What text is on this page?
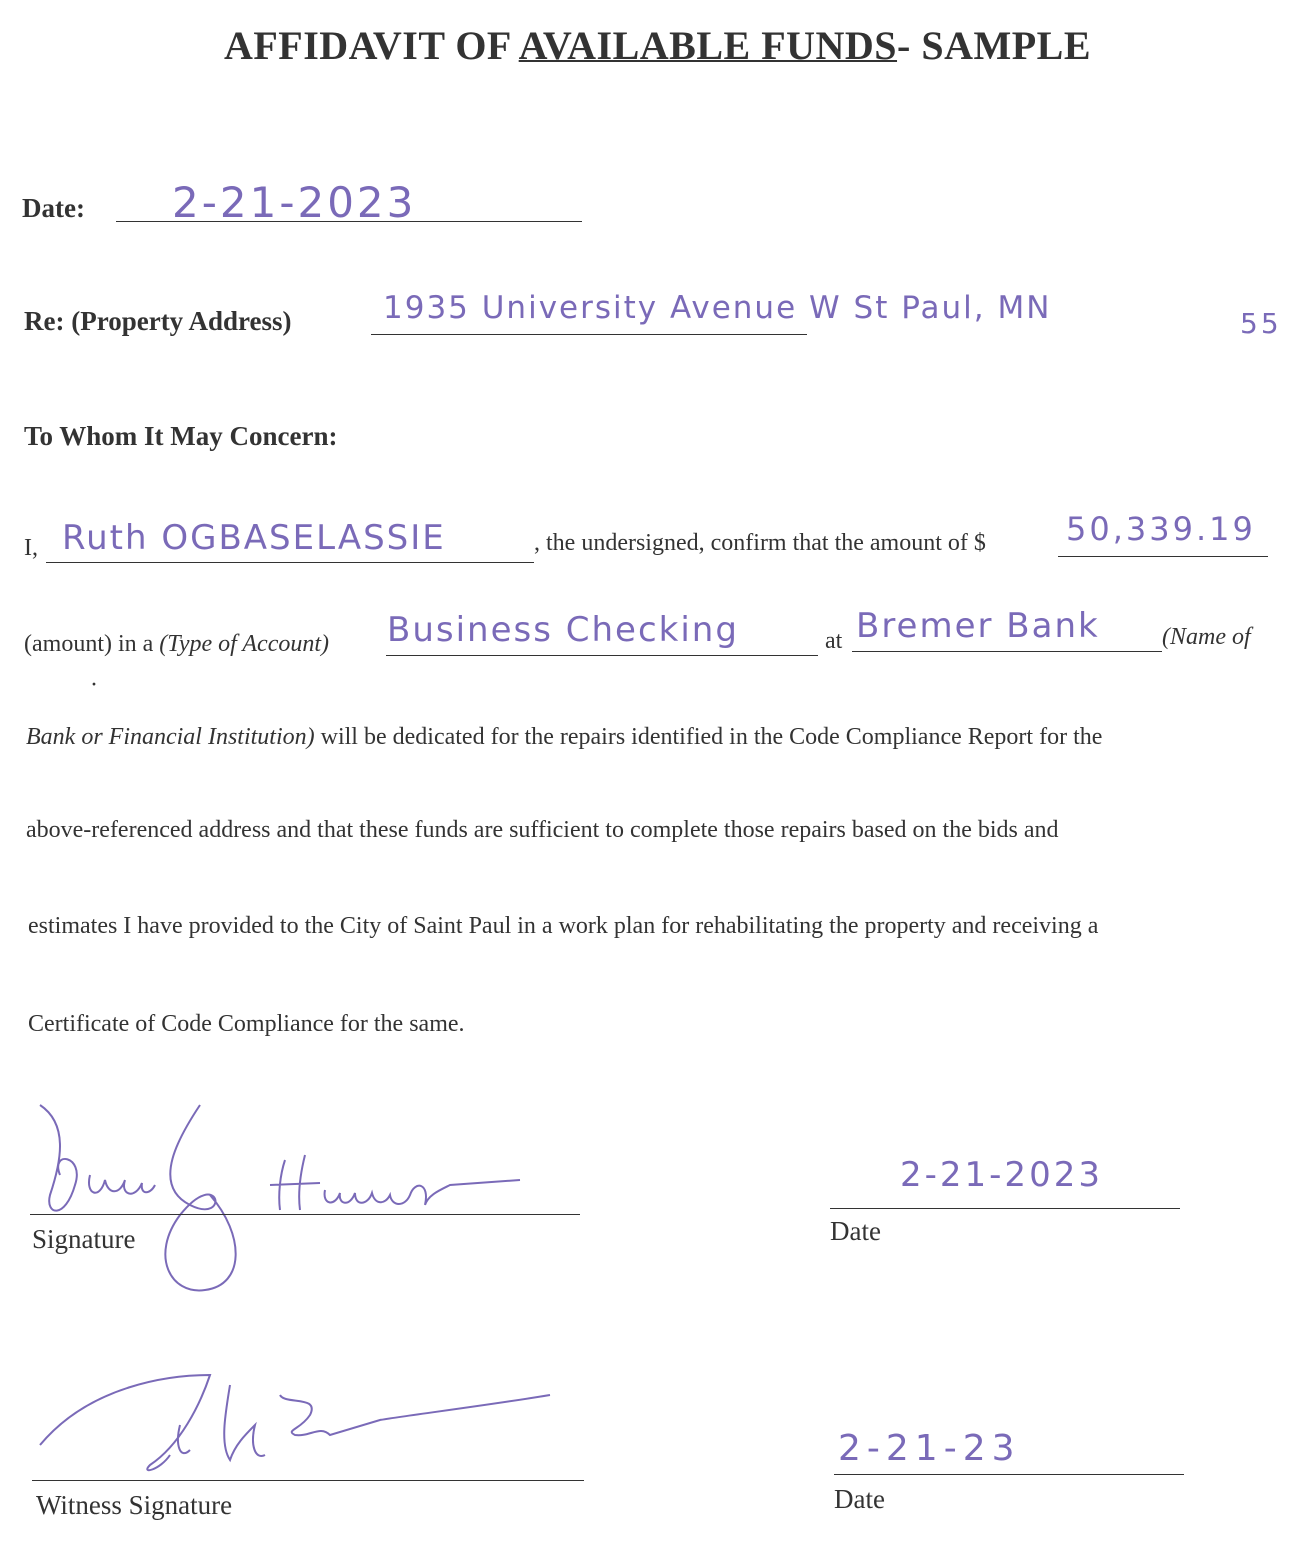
AFFIDAVIT OF AVAILABLE FUNDS- SAMPLE
Date: 2-21-2023
Re: (Property Address)	1935 University Avenue W St Paul, MN	55
To Whom It May Concern:
I, Ruth OGBASELASSIE	, the undersigned, confirm that the amount of $	50,339.19
(amount) in a (Type of Account) Business Checking	at Bremer Bank	(Name of
·
Bank or Financial Institution) will be dedicated for the repairs identified in the Code Compliance Report for the
above-referenced address and that these funds are sufficient to complete those repairs based on the bids and
estimates I have provided to the City of Saint Paul in a work plan for rehabilitating the property and receiving a
Certificate of Code Compliance for the same.
Signature
2-21-2023
Date
Witness Signature
2-21-23
Date
